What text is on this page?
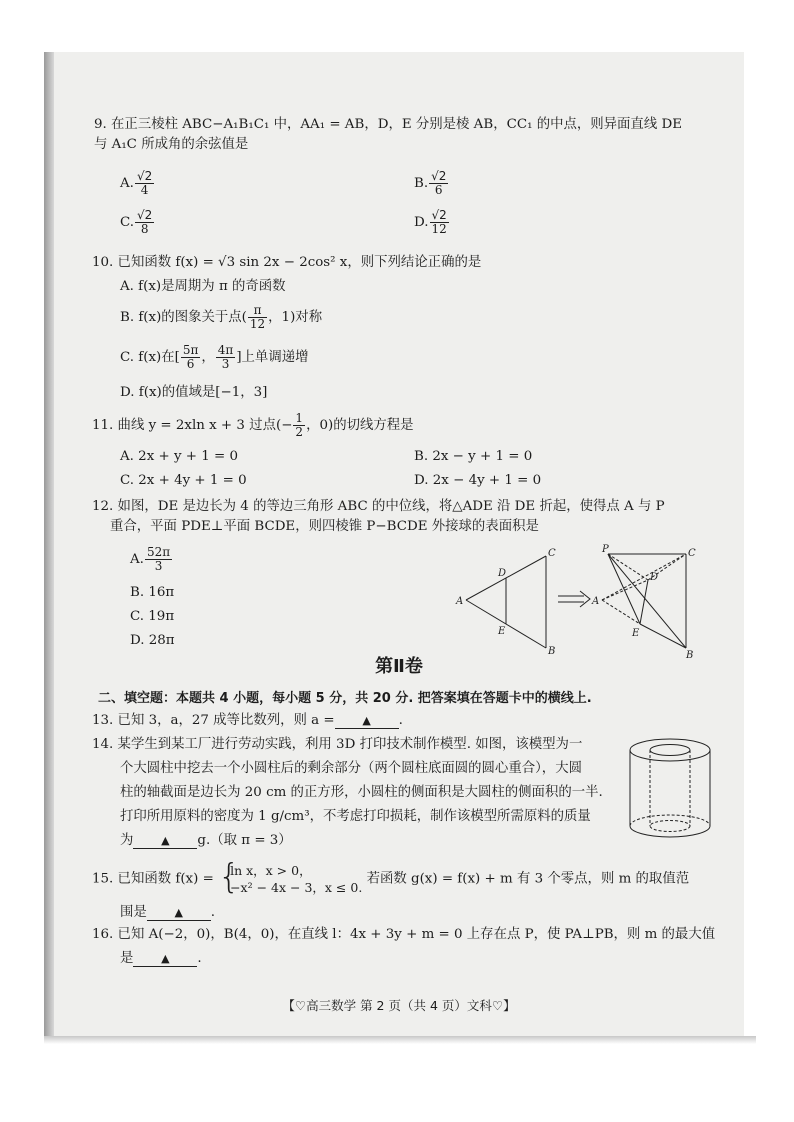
9. 在正三棱柱 ABC−A₁B₁C₁ 中，AA₁ = AB，D，E 分别是棱 AB，CC₁ 的中点，则异面直线 DE
与 A₁C 所成角的余弦值是
A. $\frac{√2}{4}$	B. $\frac{√2}{6}$
C. $\frac{√2}{8}$	D. $\frac{√2}{12}$
10. 已知函数 f(x) = √3 sin 2x − 2cos² x，则下列结论正确的是
A. f(x)是周期为 π 的奇函数
B. f(x)的图象关于点( $\frac{\pi}{12}$ ，1)对称
C. f(x)在[ $\frac{5\pi}{6}$ ， $\frac{4\pi}{3}$ ]上单调递增
D. f(x)的值域是[−1，3]
11. 曲线 y = 2xln x + 3 过点(− $\frac{1}{2}$ ，0)的切线方程是
A. 2x + y + 1 = 0	B. 2x − y + 1 = 0
C. 2x + 4y + 1 = 0	D. 2x − 4y + 1 = 0
12. 如图，DE 是边长为 4 的等边三角形 ABC 的中位线，将△ADE 沿 DE 折起，使得点 A 与 P
重合，平面 PDE⊥平面 BCDE，则四棱锥 P−BCDE 外接球的表面积是
A. $\frac{52\pi}{3}$
B. 16π
C. 19π
D. 28π
A
C
B
D
E
P	C
D
A
E
B
第Ⅱ卷
二、填空题：本题共 4 小题，每小题 5 分，共 20 分. 把答案填在答题卡中的横线上.
13. 已知 3，a，27 成等比数列，则 a =	▲ .
14. 某学生到某工厂进行劳动实践，利用 3D 打印技术制作模型. 如图，该模型为一
个大圆柱中挖去一个小圆柱后的剩余部分（两个圆柱底面圆的圆心重合），大圆
柱的轴截面是边长为 20 cm 的正方形，小圆柱的侧面积是大圆柱的侧面积的一半.
打印所用原料的密度为 1 g/cm³，不考虑打印损耗，制作该模型所需原料的质量
为	▲ g.（取 π = 3）
15. 已知函数 f(x) = {
ln x，x > 0，
−x² − 4x − 3，x ≤ 0.
若函数 g(x) = f(x) + m 有 3 个零点，则 m 的取值范
围是	▲ .
16. 已知 A(−2，0)，B(4，0)，在直线 l：4x + 3y + m = 0 上存在点 P，使 PA⊥PB，则 m 的最大值
是	▲ .
【♡高三数学 第 2 页（共 4 页）文科♡】
